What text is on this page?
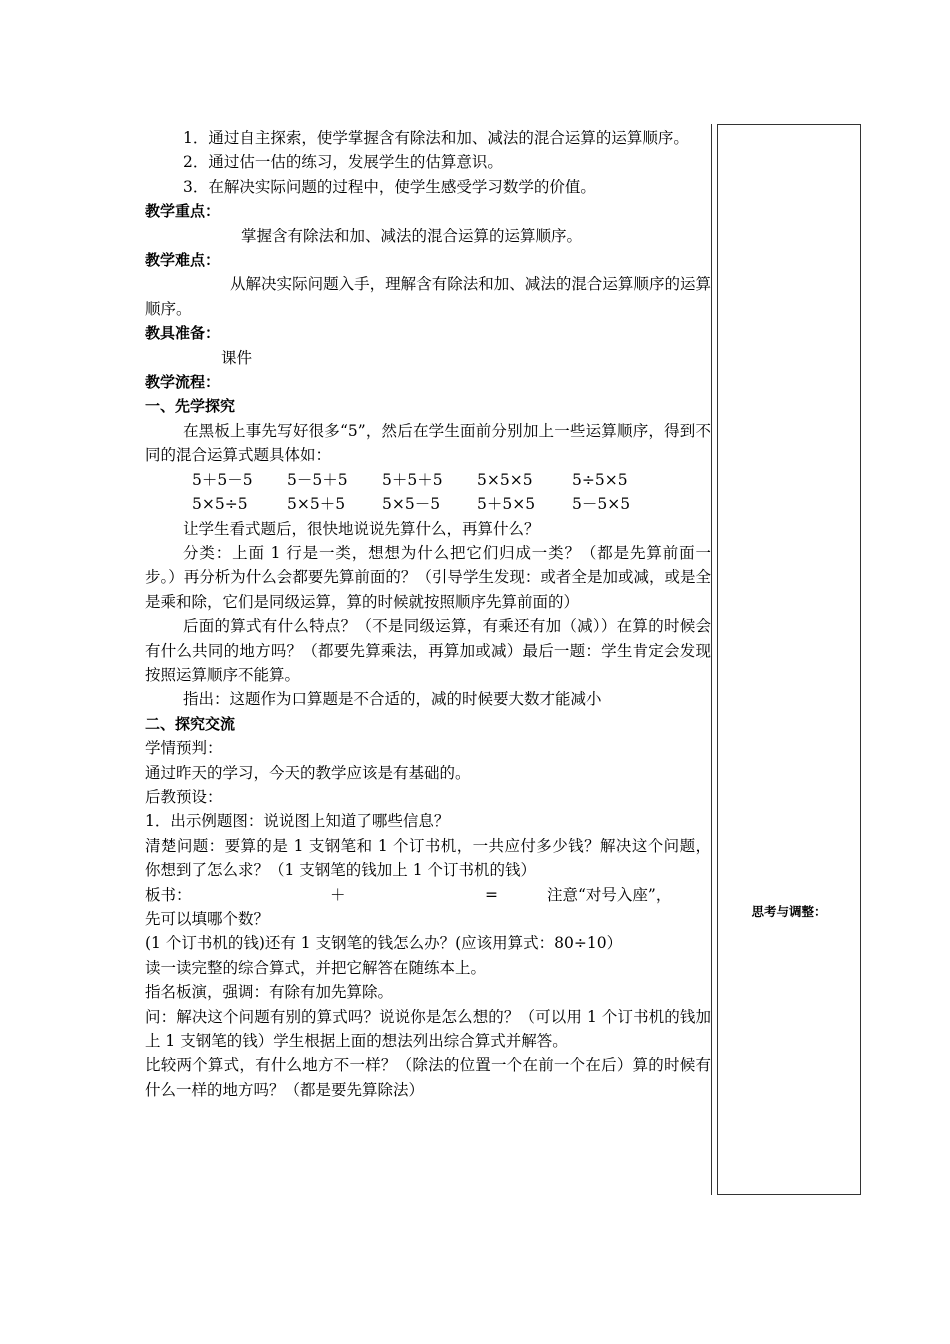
1．通过自主探索，使学掌握含有除法和加、减法的混合运算的运算顺序。

2．通过估一估的练习，发展学生的估算意识。

3．在解决实际问题的过程中，使学生感受学习数学的价值。

教学重点：

掌握含有除法和加、减法的混合运算的运算顺序。

教学难点：

从解决实际问题入手，理解含有除法和加、减法的混合运算顺序的运算顺序。

教具准备：

课件

教学流程：

一、先学探究

在黑板上事先写好很多“5”，然后在学生面前分别加上一些运算顺序，得到不同的混合运算式题具体如：

5＋5－5	5－5＋5	5＋5＋5	5×5×5	5÷5×5
5×5÷5	5×5＋5	5×5－5	5＋5×5	5－5×5

让学生看式题后，很快地说说先算什么，再算什么？

分类：上面 1 行是一类，想想为什么把它们归成一类？（都是先算前面一步。）再分析为什么会都要先算前面的？（引导学生发现：或者全是加或减，或是全是乘和除，它们是同级运算，算的时候就按照顺序先算前面的）

后面的算式有什么特点？（不是同级运算，有乘还有加（减））在算的时候会有什么共同的地方吗？（都要先算乘法，再算加或减）最后一题：学生肯定会发现按照运算顺序不能算。

指出：这题作为口算题是不合适的，减的时候要大数才能减小

二、探究交流

学情预判：

通过昨天的学习，今天的教学应该是有基础的。

后教预设：

1．出示例题图：说说图上知道了哪些信息？

清楚问题：要算的是 1 支钢笔和 1 个订书机，一共应付多少钱？解决这个问题，你想到了怎么求？（1 支钢笔的钱加上 1 个订书机的钱）

板书：	＋	=	注意“对号入座”，

先可以填哪个数？

(1 个订书机的钱)还有 1 支钢笔的钱怎么办？(应该用算式：80÷10）

读一读完整的综合算式，并把它解答在随练本上。

指名板演，强调：有除有加先算除。

问：解决这个问题有别的算式吗？说说你是怎么想的？（可以用 1 个订书机的钱加上 1 支钢笔的钱）学生根据上面的想法列出综合算式并解答。

比较两个算式，有什么地方不一样？（除法的位置一个在前一个在后）算的时候有什么一样的地方吗？（都是要先算除法）

思考与调整：
